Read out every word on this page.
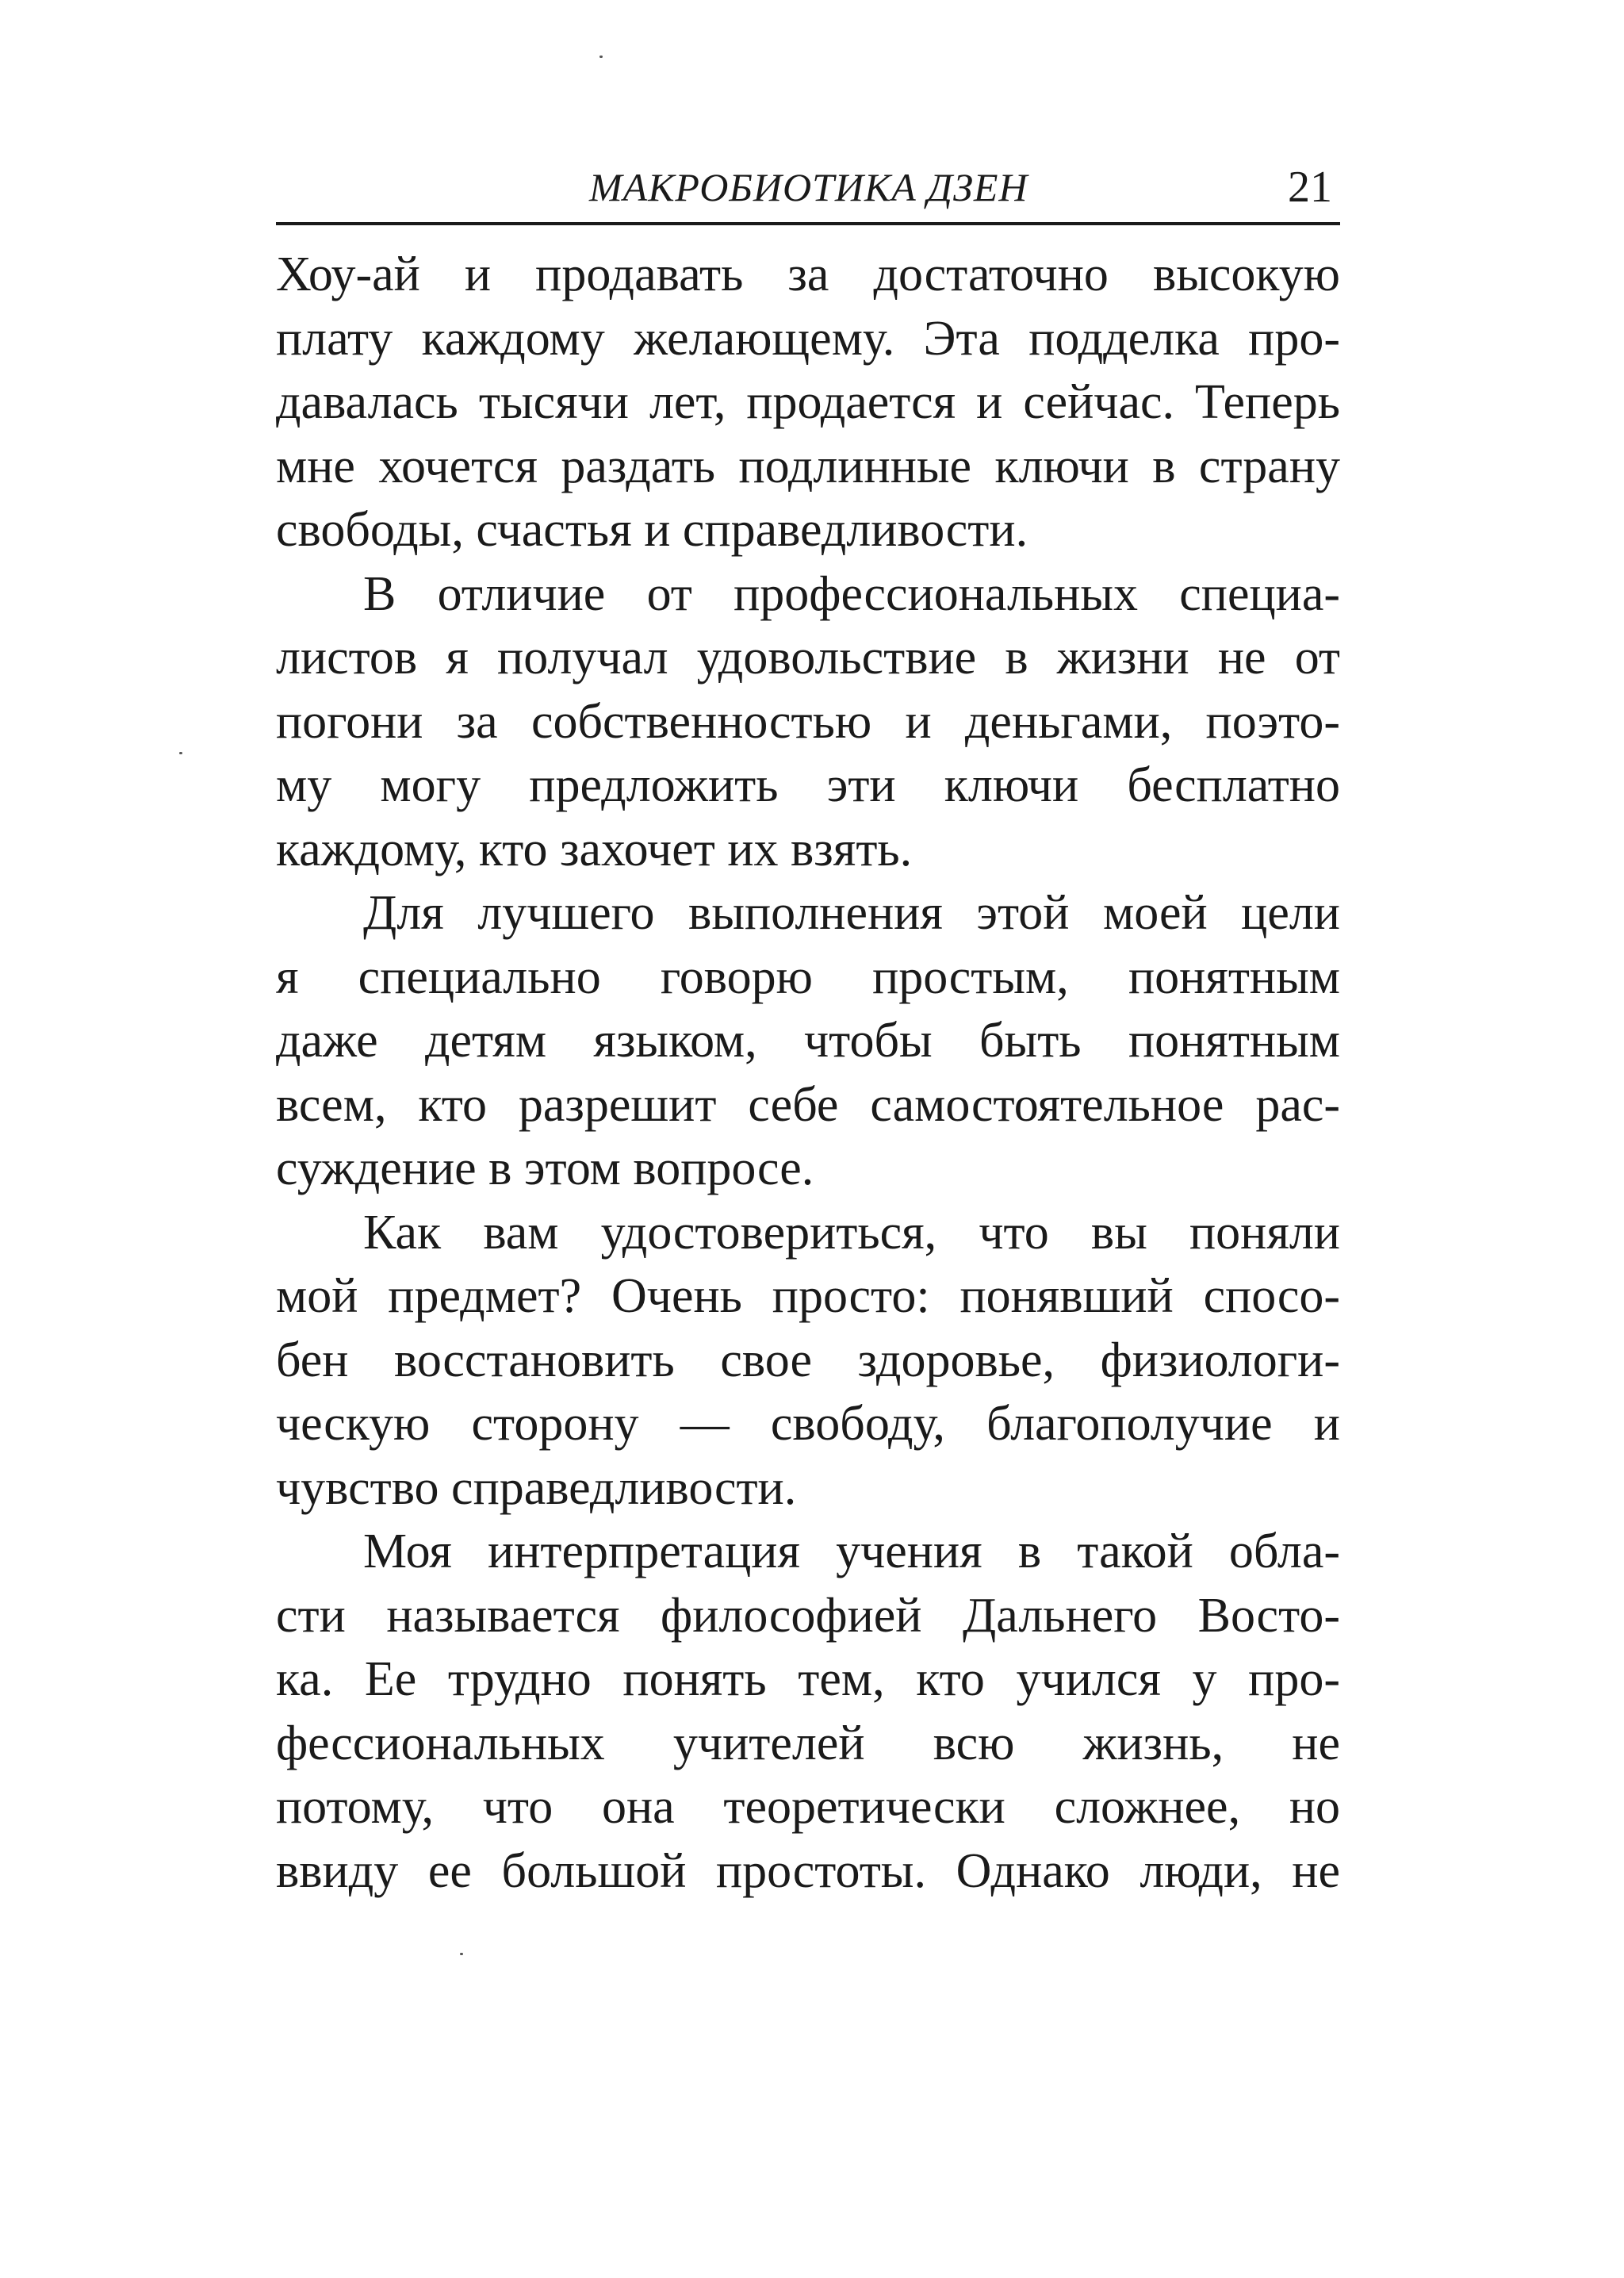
МАКРОБИОТИКА ДЗЕН	21
Хоу-ай и продавать за достаточно высокую
плату каждому желающему. Эта подделка про-
давалась тысячи лет, продается и сейчас. Теперь
мне хочется раздать подлинные ключи в страну
свободы, счастья и справедливости.
В отличие от профессиональных специа-
листов я получал удовольствие в жизни не от
погони за собственностью и деньгами, поэто-
му могу предложить эти ключи бесплатно
каждому, кто захочет их взять.
Для лучшего выполнения этой моей цели
я специально говорю простым, понятным
даже детям языком, чтобы быть понятным
всем, кто разрешит себе самостоятельное рас-
суждение в этом вопросе.
Как вам удостовериться, что вы поняли
мой предмет? Очень просто: понявший спосо-
бен восстановить свое здоровье, физиологи-
ческую сторону — свободу, благополучие и
чувство справедливости.
Моя интерпретация учения в такой обла-
сти называется философией Дальнего Восто-
ка. Ее трудно понять тем, кто учился у про-
фессиональных учителей всю жизнь, не
потому, что она теоретически сложнее, но
ввиду ее большой простоты. Однако люди, не
